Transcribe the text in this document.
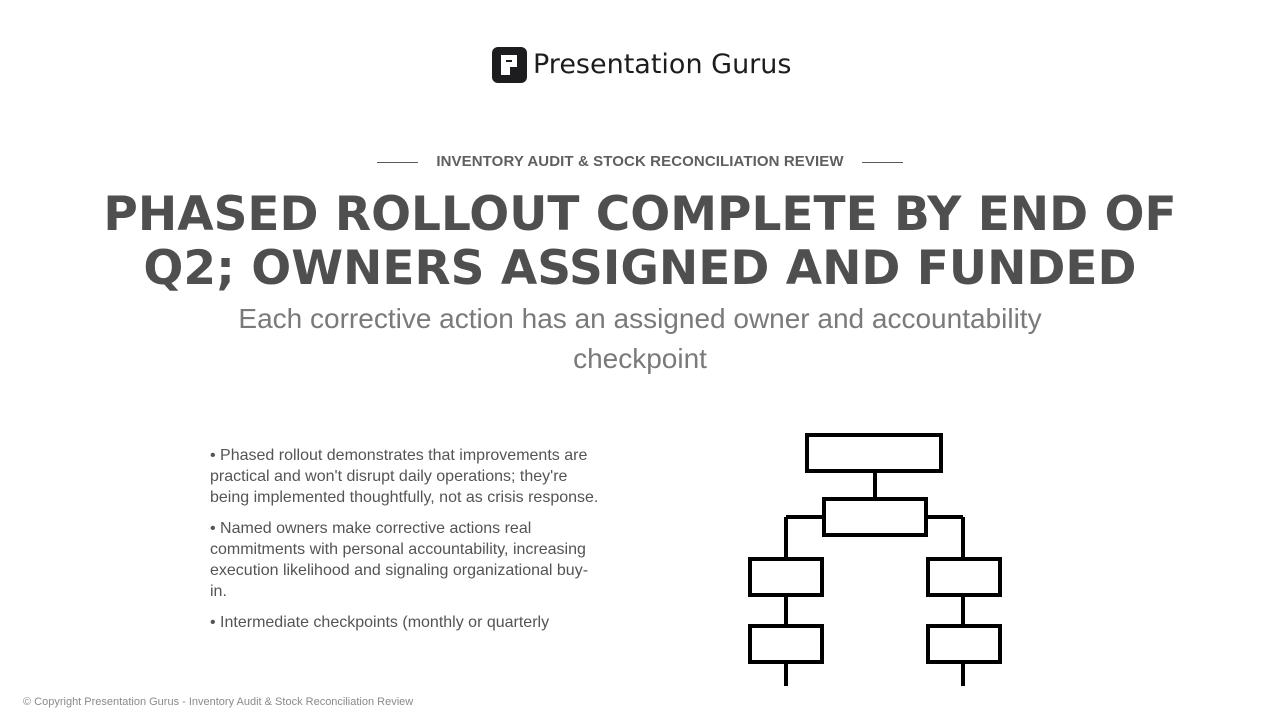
Presentation Gurus
INVENTORY AUDIT & STOCK RECONCILIATION REVIEW
PHASED ROLLOUT COMPLETE BY END OF Q2; OWNERS ASSIGNED AND FUNDED

Each corrective action has an assigned owner and accountability checkpoint

• Phased rollout demonstrates that improvements are practical and won't disrupt daily operations; they're being implemented thoughtfully, not as crisis response.

• Named owners make corrective actions real commitments with personal accountability, increasing execution likelihood and signaling organizational buy-in.

• Intermediate checkpoints (monthly or quarterly

© Copyright Presentation Gurus - Inventory Audit & Stock Reconciliation Review
